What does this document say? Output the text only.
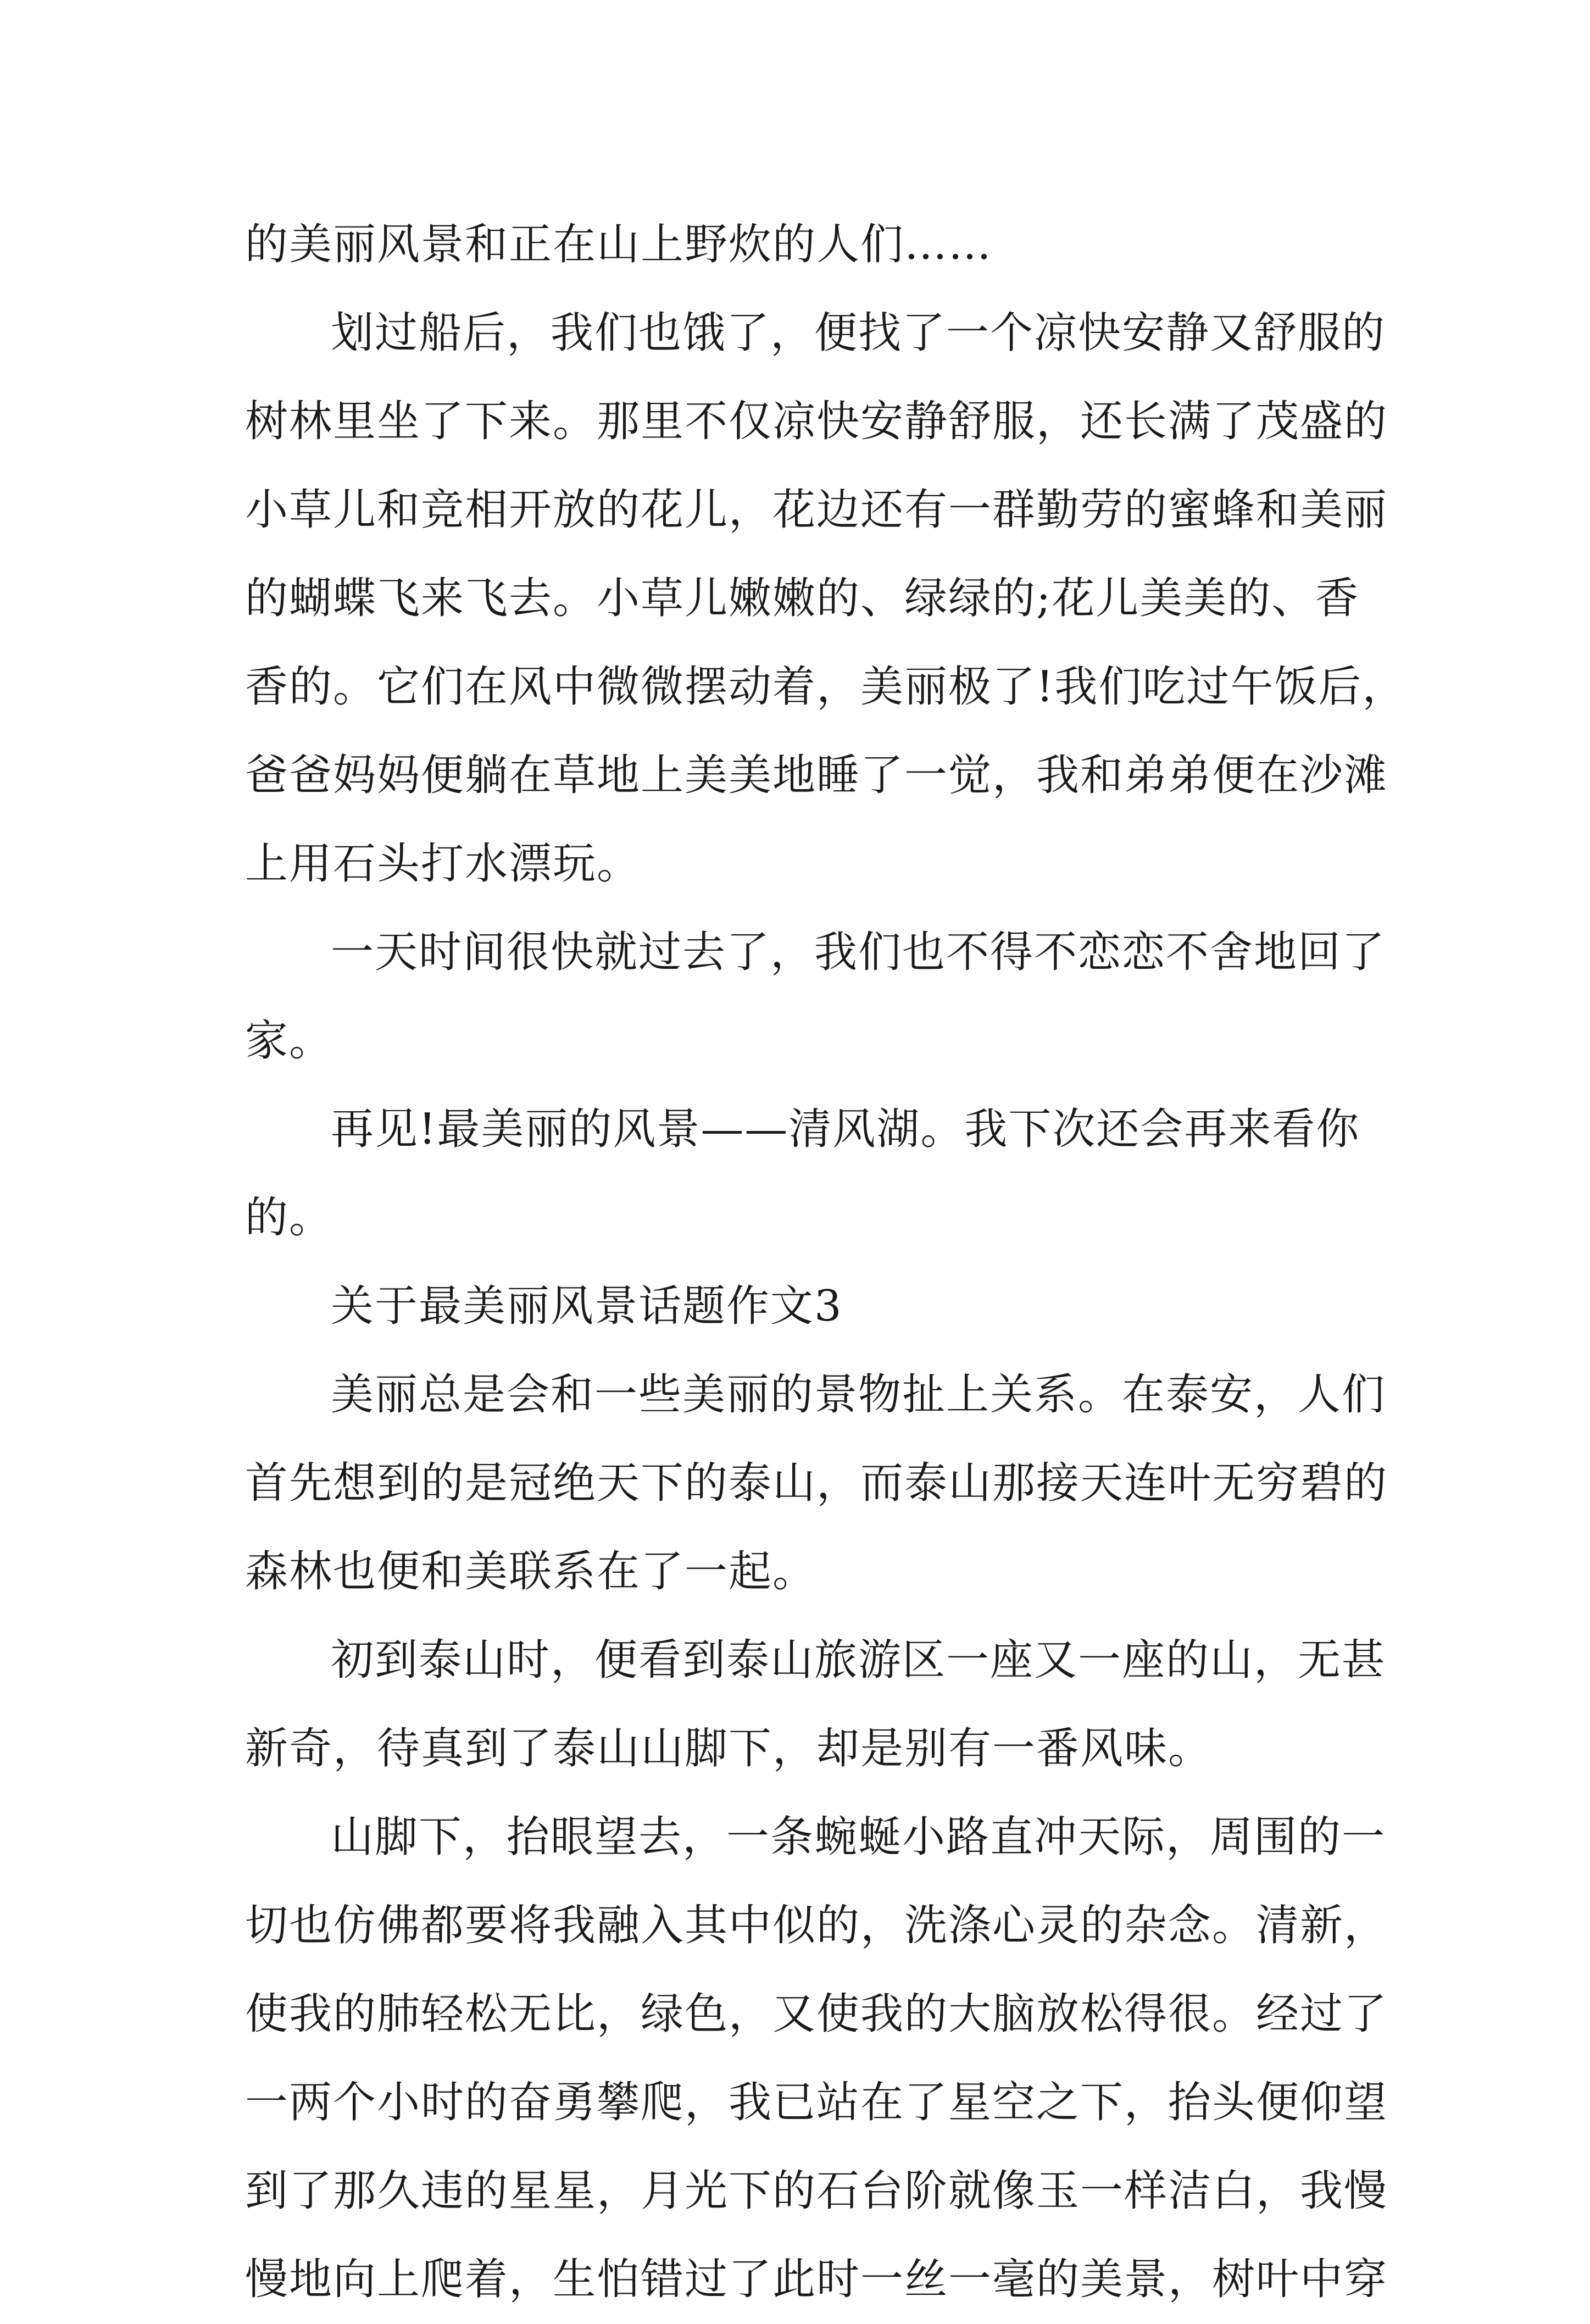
的美丽风景和正在山上野炊的人们……
划过船后，我们也饿了，便找了一个凉快安静又舒服的
树林里坐了下来。那里不仅凉快安静舒服，还长满了茂盛的
小草儿和竞相开放的花儿，花边还有一群勤劳的蜜蜂和美丽
的蝴蝶飞来飞去。小草儿嫩嫩的、绿绿的;花儿美美的、香
香的。它们在风中微微摆动着，美丽极了!我们吃过午饭后，
爸爸妈妈便躺在草地上美美地睡了一觉，我和弟弟便在沙滩
上用石头打水漂玩。
一天时间很快就过去了，我们也不得不恋恋不舍地回了
家。
再见!最美丽的风景——清风湖。我下次还会再来看你
的。
关于最美丽风景话题作文3
美丽总是会和一些美丽的景物扯上关系。在泰安，人们
首先想到的是冠绝天下的泰山，而泰山那接天连叶无穷碧的
森林也便和美联系在了一起。
初到泰山时，便看到泰山旅游区一座又一座的山，无甚
新奇，待真到了泰山山脚下，却是别有一番风味。
山脚下，抬眼望去，一条蜿蜒小路直冲天际，周围的一
切也仿佛都要将我融入其中似的，洗涤心灵的杂念。清新，
使我的肺轻松无比，绿色，又使我的大脑放松得很。经过了
一两个小时的奋勇攀爬，我已站在了星空之下，抬头便仰望
到了那久违的星星，月光下的石台阶就像玉一样洁白，我慢
慢地向上爬着，生怕错过了此时一丝一毫的美景，树叶中穿
